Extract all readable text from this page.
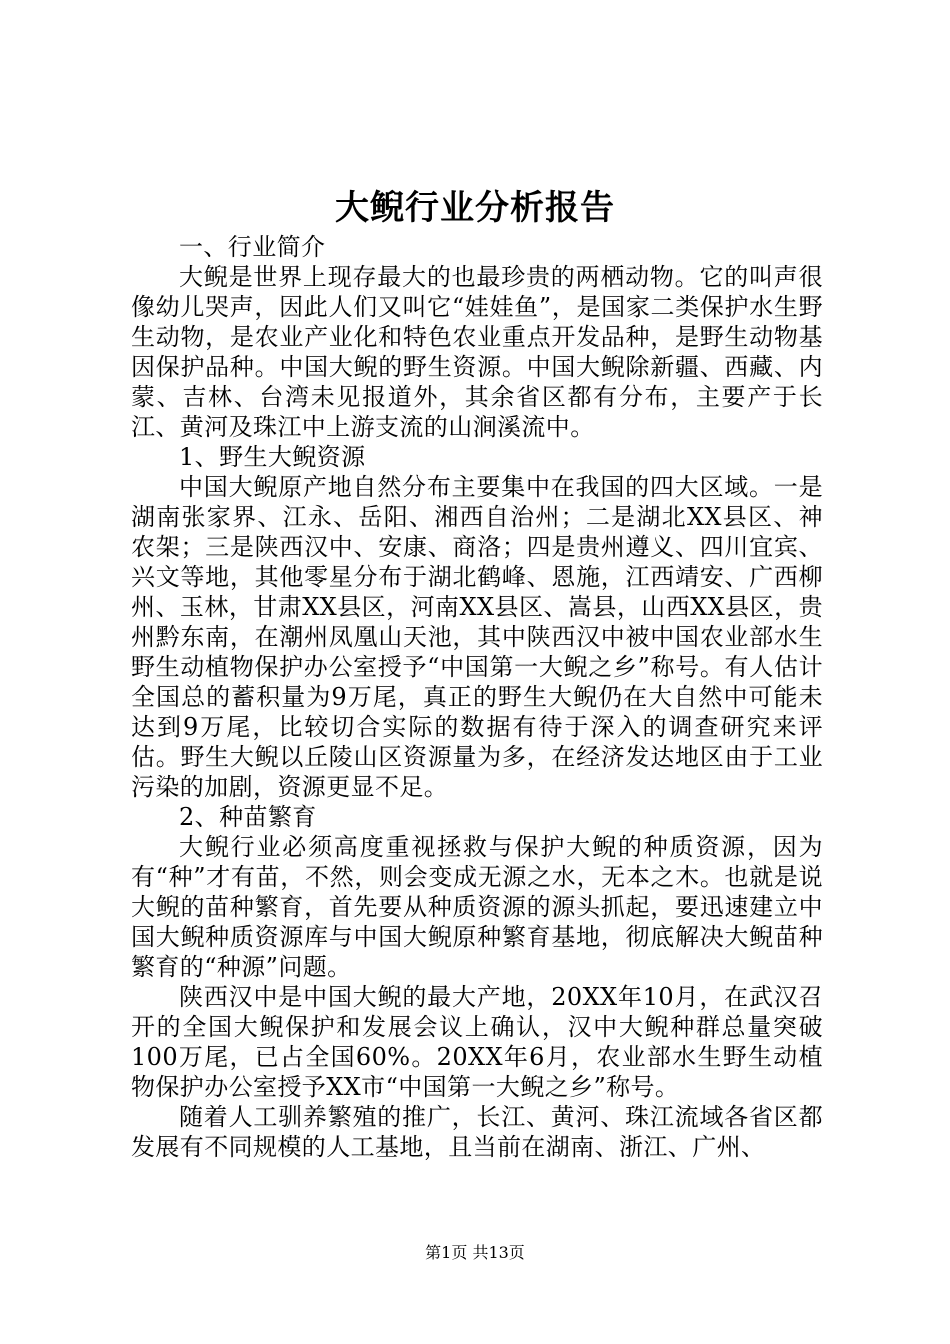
大鲵行业分析报告

一、行业简介

大鲵是世界上现存最大的也最珍贵的两栖动物。它的叫声很像幼儿哭声，因此人们又叫它“娃娃鱼”，是国家二类保护水生野生动物，是农业产业化和特色农业重点开发品种，是野生动物基因保护品种。中国大鲵的野生资源。中国大鲵除新疆、西藏、内蒙、吉林、台湾未见报道外，其余省区都有分布，主要产于长江、黄河及珠江中上游支流的山涧溪流中。

1、野生大鲵资源

中国大鲵原产地自然分布主要集中在我国的四大区域。一是湖南张家界、江永、岳阳、湘西自治州；二是湖北XX县区、神农架；三是陕西汉中、安康、商洛；四是贵州遵义、四川宜宾、兴文等地，其他零星分布于湖北鹤峰、恩施，江西靖安、广西柳州、玉林，甘肃XX县区，河南XX县区、嵩县，山西XX县区，贵州黔东南，在潮州凤凰山天池，其中陕西汉中被中国农业部水生野生动植物保护办公室授予“中国第一大鲵之乡”称号。有人估计全国总的蓄积量为9万尾，真正的野生大鲵仍在大自然中可能未达到9万尾，比较切合实际的数据有待于深入的调查研究来评估。野生大鲵以丘陵山区资源量为多，在经济发达地区由于工业污染的加剧，资源更显不足。

2、种苗繁育

大鲵行业必须高度重视拯救与保护大鲵的种质资源，因为有“种”才有苗，不然，则会变成无源之水，无本之木。也就是说大鲵的苗种繁育，首先要从种质资源的源头抓起，要迅速建立中国大鲵种质资源库与中国大鲵原种繁育基地，彻底解决大鲵苗种繁育的“种源”问题。

陕西汉中是中国大鲵的最大产地，20XX年10月，在武汉召开的全国大鲵保护和发展会议上确认，汉中大鲵种群总量突破100万尾，已占全国60%。20XX年6月，农业部水生野生动植物保护办公室授予XX市“中国第一大鲵之乡”称号。

随着人工驯养繁殖的推广，长江、黄河、珠江流域各省区都发展有不同规模的人工基地，且当前在湖南、浙江、广州、

第1页 共13页
